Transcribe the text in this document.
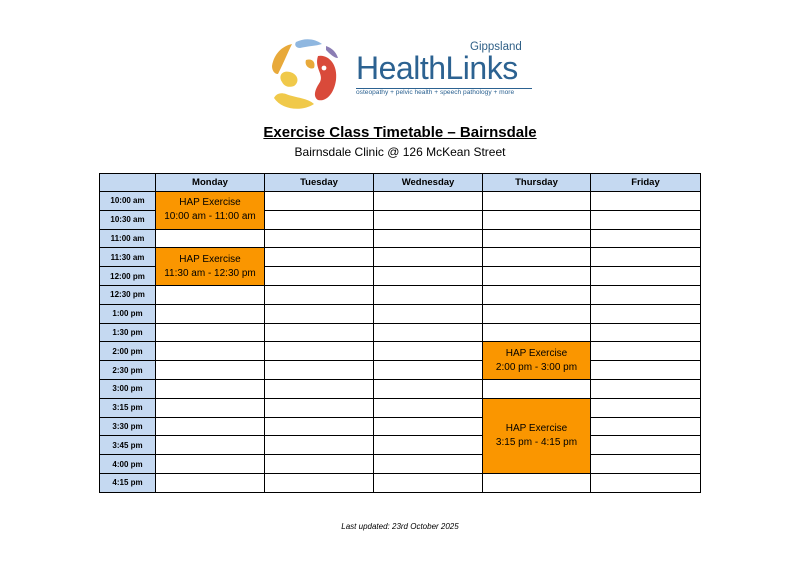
Gippsland
HealthLinks
osteopathy + pelvic health + speech pathology + more
Exercise Class Timetable – Bairnsdale
Bairnsdale Clinic @ 126 McKean Street
	Monday	Tuesday	Wednesday	Thursday	Friday
10:00 am	HAP Exercise
10:00 am - 11:00 am				
10:30 am					
11:00 am					
11:30 am	HAP Exercise
11:30 am - 12:30 pm				
12:00 pm					
12:30 pm					
1:00 pm					
1:30 pm					
2:00 pm				HAP Exercise
2:00 pm - 3:00 pm	
2:30 pm					
3:00 pm					
3:15 pm				HAP Exercise
3:15 pm - 4:15 pm	
3:30 pm					
3:45 pm					
4:00 pm					
4:15 pm					
Last updated: 23rd October 2025
